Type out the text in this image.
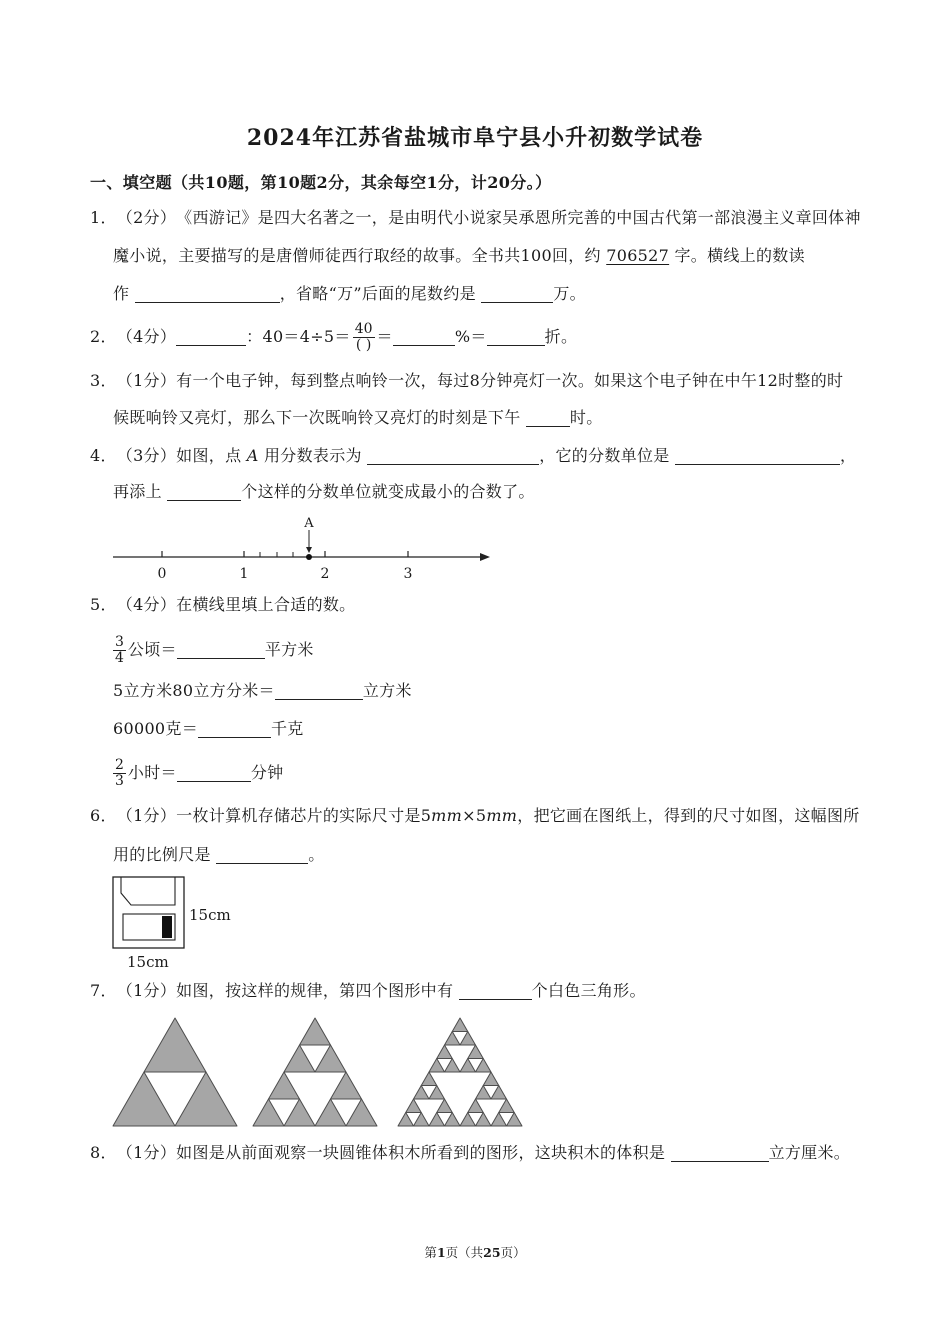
2024年江苏省盐城市阜宁县小升初数学试卷
一、填空题（共10题，第10题2分，其余每空1分，计20分。）
1． （2分） 《西游记》是四大名著之一，是由明代小说家吴承恩所完善的中国古代第一部浪漫主义章回体神
魔小说，主要描写的是唐僧师徒西行取经的故事。全书共100回，约 706527 字。横线上的数读
作	，省略“万”后面的尾数约是	万。
2． （4分）	：$40=4\div 5= \frac{40}{( )}$ ＝	%＝	折。
3． （1分） 有一个电子钟，每到整点响铃一次，每过8分钟亮灯一次。如果这个电子钟在中午12时整的时
候既响铃又亮灯，那么下一次既响铃又亮灯的时刻是下午	时。
4． （3分） 如图，点 A 用分数表示为	，它的分数单位是	，
再添上	个这样的分数单位就变成最小的合数了。
A
0	1	2	3
5． （4分） 在横线里填上合适的数。
$\frac{3}{4}$ 公顷＝	平方米
5立方米80立方分米＝	立方米
60000克＝	千克
$\frac{2}{3}$ 小时＝	分钟
6． （1分） 一枚计算机存储芯片的实际尺寸是 5 mm ×5 mm ，把它画在图纸上，得到的尺寸如图，这幅图所
用的比例尺是	。
15cm
15cm
7． （1分） 如图，按这样的规律，第四个图形中有	个白色三角形。
8． （1分） 如图是从前面观察一块圆锥体积木所看到的图形，这块积木的体积是	立方厘米。
第1页（共25页）
